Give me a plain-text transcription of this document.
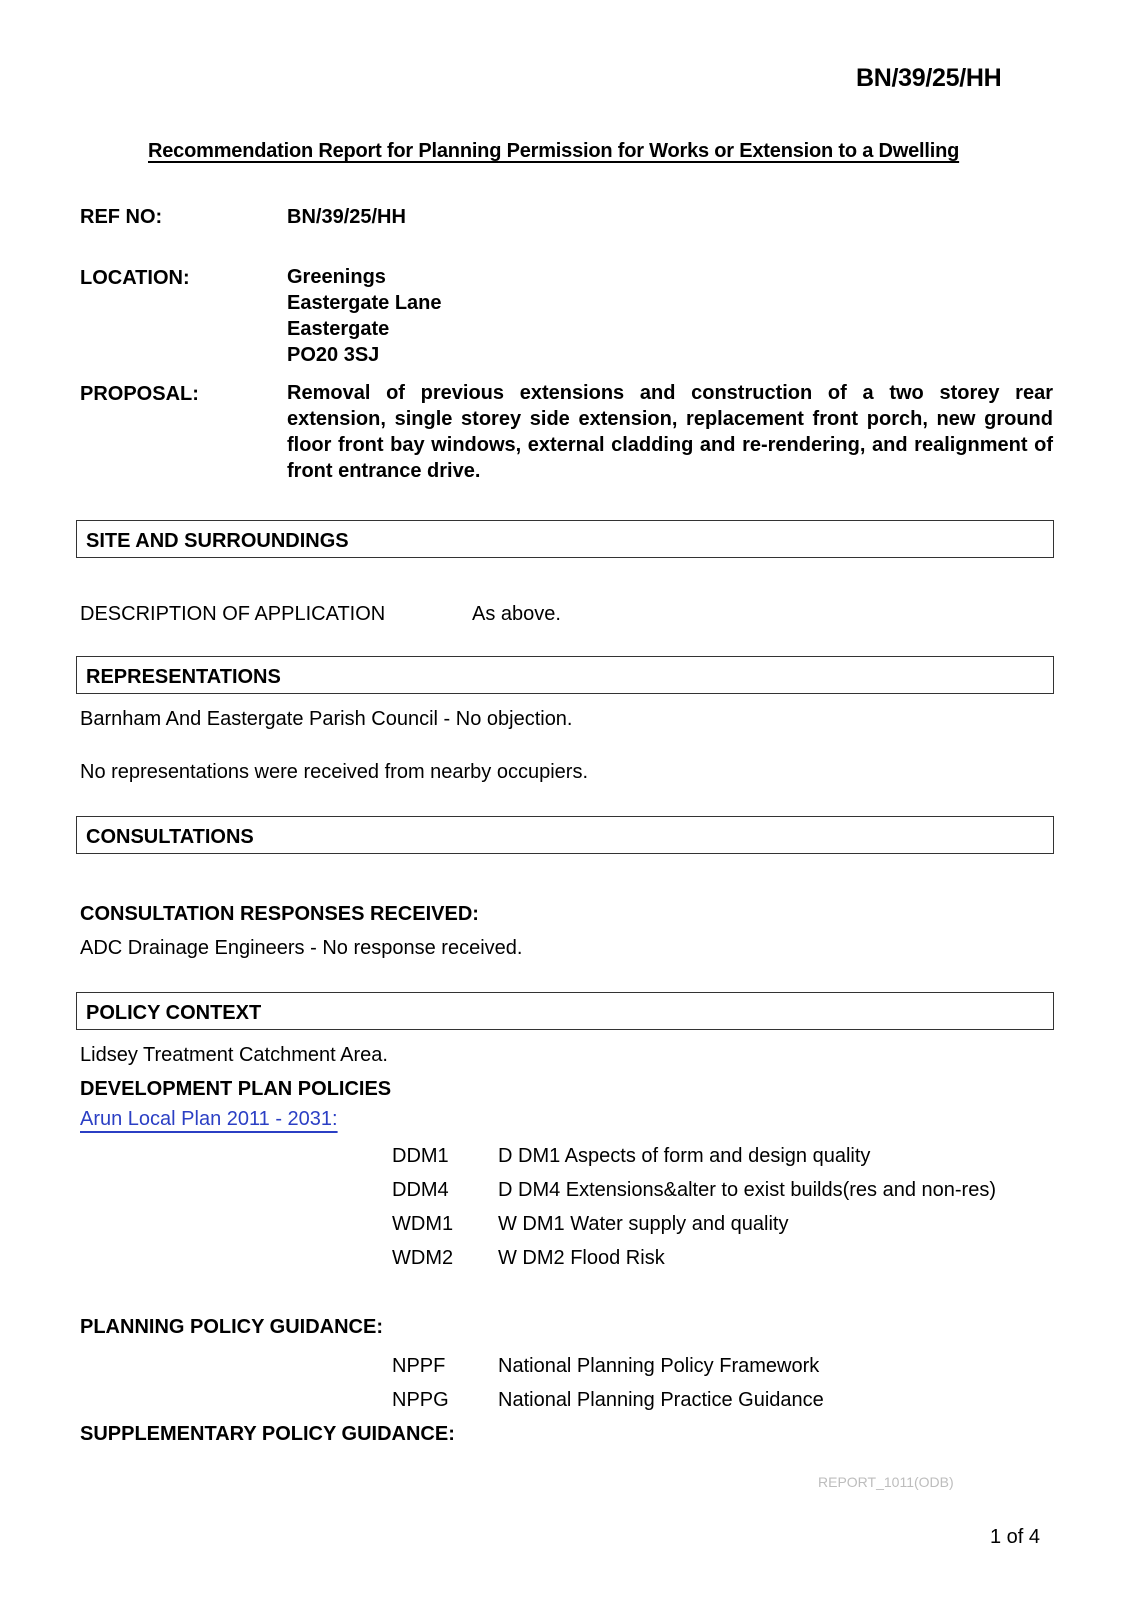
BN/39/25/HH
Recommendation Report for Planning Permission for Works or Extension to a Dwelling
REF NO:	BN/39/25/HH
LOCATION:	Greenings
Eastergate Lane
Eastergate
PO20 3SJ
PROPOSAL:	Removal of previous extensions and construction of a two storey rear extension, single storey side extension, replacement front porch, new ground floor front bay windows, external cladding and re-rendering, and realignment of front entrance drive.
SITE AND SURROUNDINGS
DESCRIPTION OF APPLICATION	As above.
REPRESENTATIONS
Barnham And Eastergate Parish Council - No objection.
No representations were received from nearby occupiers.
CONSULTATIONS
CONSULTATION RESPONSES RECEIVED:
ADC Drainage Engineers - No response received.
POLICY CONTEXT
Lidsey Treatment Catchment Area.
DEVELOPMENT PLAN POLICIES
Arun Local Plan 2011 - 2031:
DDM1 D DM1 Aspects of form and design quality
DDM4 D DM4 Extensions&alter to exist builds(res and non-res)
WDM1 W DM1 Water supply and quality
WDM2 W DM2 Flood Risk
PLANNING POLICY GUIDANCE:
NPPF	National Planning Policy Framework
NPPG National Planning Practice Guidance
SUPPLEMENTARY POLICY GUIDANCE:
REPORT_1011(ODB)
1 of 4
